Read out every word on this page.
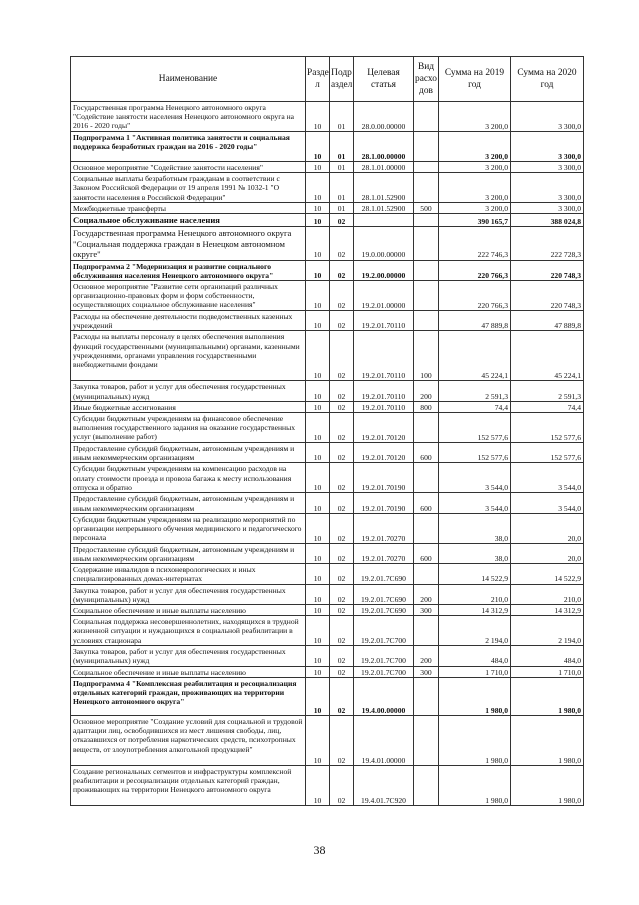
Наименование	Разде л	Подр аздел	Целевая статья	Вид расхо дов	Сумма на 2019 год	Сумма на 2020 год
Государственная программа Ненецкого автономного округа "Содействие занятости населения Ненецкого автономного округа на 2016 - 2020 годы"	10	01	28.0.00.00000		3 200,0	3 300,0
Подпрограмма 1 "Активная политика занятости и социальная поддержка безработных граждан на 2016 - 2020 годы"	10	01	28.1.00.00000		3 200,0	3 300,0
Основное мероприятие "Содействие занятости населения"	10	01	28.1.01.00000		3 200,0	3 300,0
Социальные выплаты безработным гражданам в соответствии с Законом Российской Федерации от 19 апреля 1991 № 1032-1 "О занятости населения в Российской Федерации"	10	01	28.1.01.52900		3 200,0	3 300,0
Межбюджетные трансферты	10	01	28.1.01.52900	500	3 200,0	3 300,0
Социальное обслуживание населения	10	02			390 165,7	388 024,8
Государственная программа Ненецкого автономного округа "Социальная поддержка граждан в Ненецком автономном округе"	10	02	19.0.00.00000		222 746,3	222 728,3
Подпрограмма 2 "Модернизация и развитие социального обслуживания населения Ненецкого автономного округа"	10	02	19.2.00.00000		220 766,3	220 748,3
Основное мероприятие "Развитие сети организаций различных организационно-правовых форм и форм собственности, осуществляющих социальное обслуживание населения"	10	02	19.2.01.00000		220 766,3	220 748,3
Расходы на обеспечение деятельности подведомственных казенных учреждений	10	02	19.2.01.70110		47 889,8	47 889,8
Расходы на выплаты персоналу в целях обеспечения выполнения функций государственными (муниципальными) органами, казенными учреждениями, органами управления государственными внебюджетными фондами	10	02	19.2.01.70110	100	45 224,1	45 224,1
Закупка товаров, работ и услуг для обеспечения государственных (муниципальных) нужд	10	02	19.2.01.70110	200	2 591,3	2 591,3
Иные бюджетные ассигнования	10	02	19.2.01.70110	800	74,4	74,4
Субсидии бюджетным учреждениям на финансовое обеспечение выполнения государственного задания на оказание государственных услуг (выполнение работ)	10	02	19.2.01.70120		152 577,6	152 577,6
Предоставление субсидий бюджетным, автономным учреждениям и иным некоммерческим организациям	10	02	19.2.01.70120	600	152 577,6	152 577,6
Субсидии бюджетным учреждениям на компенсацию расходов на оплату стоимости проезда и провоза багажа к месту использования отпуска и обратно	10	02	19.2.01.70190		3 544,0	3 544,0
Предоставление субсидий бюджетным, автономным учреждениям и иным некоммерческим организациям	10	02	19.2.01.70190	600	3 544,0	3 544,0
Субсидии бюджетным учреждениям на реализацию мероприятий по организации непрерывного обучения медицинского и педагогического персонала	10	02	19.2.01.70270		38,0	20,0
Предоставление субсидий бюджетным, автономным учреждениям и иным некоммерческим организациям	10	02	19.2.01.70270	600	38,0	20,0
Содержание инвалидов в психоневрологических и иных специализированных домах-интернатах	10	02	19.2.01.7С690		14 522,9	14 522,9
Закупка товаров, работ и услуг для обеспечения государственных (муниципальных) нужд	10	02	19.2.01.7С690	200	210,0	210,0
Социальное обеспечение и иные выплаты населению	10	02	19.2.01.7С690	300	14 312,9	14 312,9
Социальная поддержка несовершеннолетних, находящихся в трудной жизненной ситуации и нуждающихся в социальной реабилитации в условиях стационара	10	02	19.2.01.7С700		2 194,0	2 194,0
Закупка товаров, работ и услуг для обеспечения государственных (муниципальных) нужд	10	02	19.2.01.7С700	200	484,0	484,0
Социальное обеспечение и иные выплаты населению	10	02	19.2.01.7С700	300	1 710,0	1 710,0
Подпрограмма 4 "Комплексная реабилитация и ресоциализация отдельных категорий граждан, проживающих на территории Ненецкого автономного округа"	10	02	19.4.00.00000		1 980,0	1 980,0
Основное мероприятие "Создание условий для социальной и трудовой адаптации лиц, освободившихся из мест лишения свободы, лиц, отказавшихся от потребления наркотических средств, психотропных веществ, от злоупотребления алкогольной продукцией"	10	02	19.4.01.00000		1 980,0	1 980,0
Создание региональных сегментов и инфраструктуры комплексной реабилитации и ресоциализации отдельных категорий граждан, проживающих на территории Ненецкого автономного округа	10	02	19.4.01.7С920		1 980,0	1 980,0
38
